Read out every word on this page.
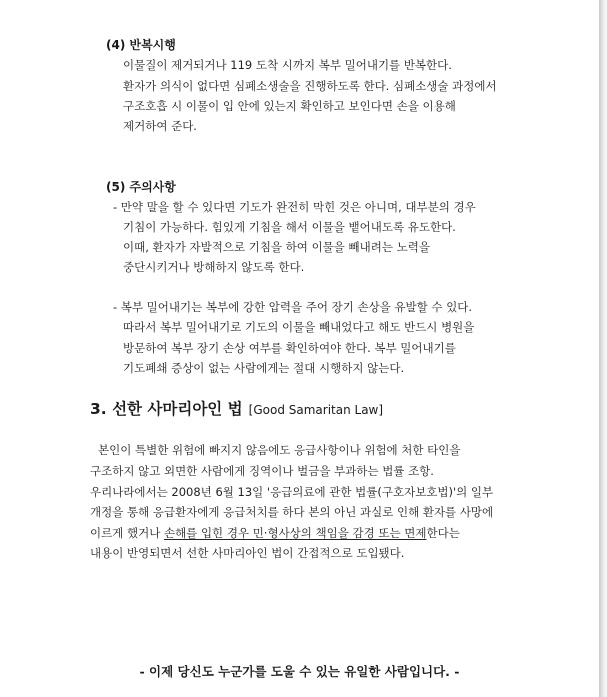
(4) 반복시행
이물질이 제거되거나 119 도착 시까지 복부 밀어내기를 반복한다.
환자가 의식이 없다면 심폐소생술을 진행하도록 한다. 심폐소생술 과정에서
구조호흡 시 이물이 입 안에 있는지 확인하고 보인다면 손을 이용해
제거하여 준다.
(5) 주의사항
- 만약 말을 할 수 있다면 기도가 완전히 막힌 것은 아니며, 대부분의 경우
기침이 가능하다. 힘있게 기침을 해서 이물을 뱉어내도록 유도한다.
이때, 환자가 자발적으로 기침을 하여 이물을 빼내려는 노력을
중단시키거나 방해하지 않도록 한다.
- 복부 밀어내기는 복부에 강한 압력을 주어 장기 손상을 유발할 수 있다.
따라서 복부 밀어내기로 기도의 이물을 빼내었다고 해도 반드시 병원을
방문하여 복부 장기 손상 여부를 확인하여야 한다. 복부 밀어내기를
기도폐쇄 증상이 없는 사람에게는 절대 시행하지 않는다.
3. 선한 사마리아인 법 [Good Samaritan Law]
본인이 특별한 위험에 빠지지 않음에도 응급사항이나 위험에 처한 타인을
구조하지 않고 외면한 사람에게 징역이나 벌금을 부과하는 법률 조항.
우리나라에서는 2008년 6월 13일 '응급의료에 관한 법률(구호자보호법)'의 일부
개정을 통해 응급환자에게 응급처치를 하다 본의 아닌 과실로 인해 환자를 사망에
이르게 했거나 손해를 입힌 경우 민·형사상의 책임을 감경 또는 면제한다는
내용이 반영되면서 선한 사마리아인 법이 간접적으로 도입됐다.
- 이제 당신도 누군가를 도울 수 있는 유일한 사람입니다. -
